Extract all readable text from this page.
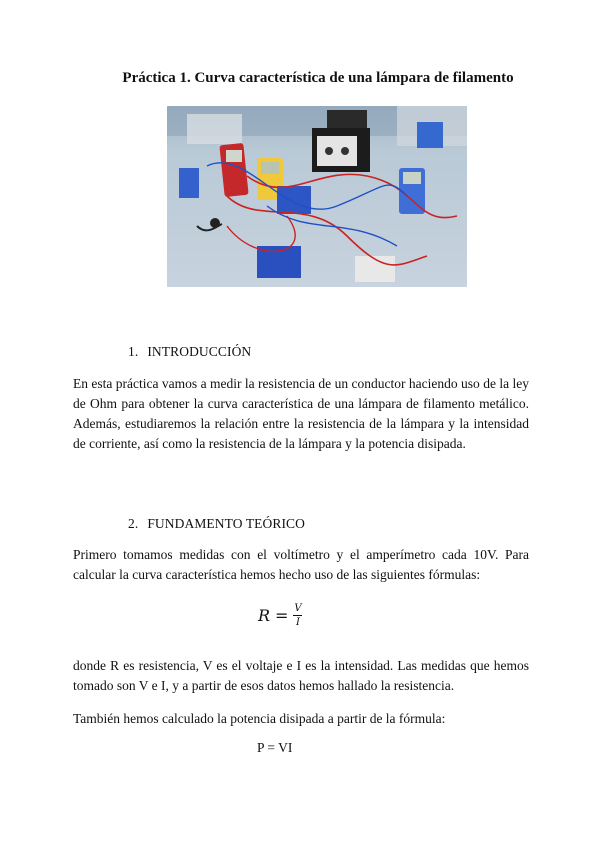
Práctica 1. Curva característica de una lámpara de filamento
1. INTRODUCCIÓN
En esta práctica vamos a medir la resistencia de un conductor haciendo uso de la ley de Ohm para obtener la curva característica de una lámpara de filamento metálico. Además, estudiaremos la relación entre la resistencia de la lámpara y la intensidad de corriente, así como la resistencia de la lámpara y la potencia disipada.
2. FUNDAMENTO TEÓRICO
Primero tomamos medidas con el voltímetro y el amperímetro cada 10V. Para calcular la curva característica hemos hecho uso de las siguientes fórmulas:
$R = \frac{V}{I}$
donde R es resistencia, V es el voltaje e I es la intensidad. Las medidas que hemos tomado son V e I, y a partir de esos datos hemos hallado la resistencia.
También hemos calculado la potencia disipada a partir de la fórmula:
P = VI
